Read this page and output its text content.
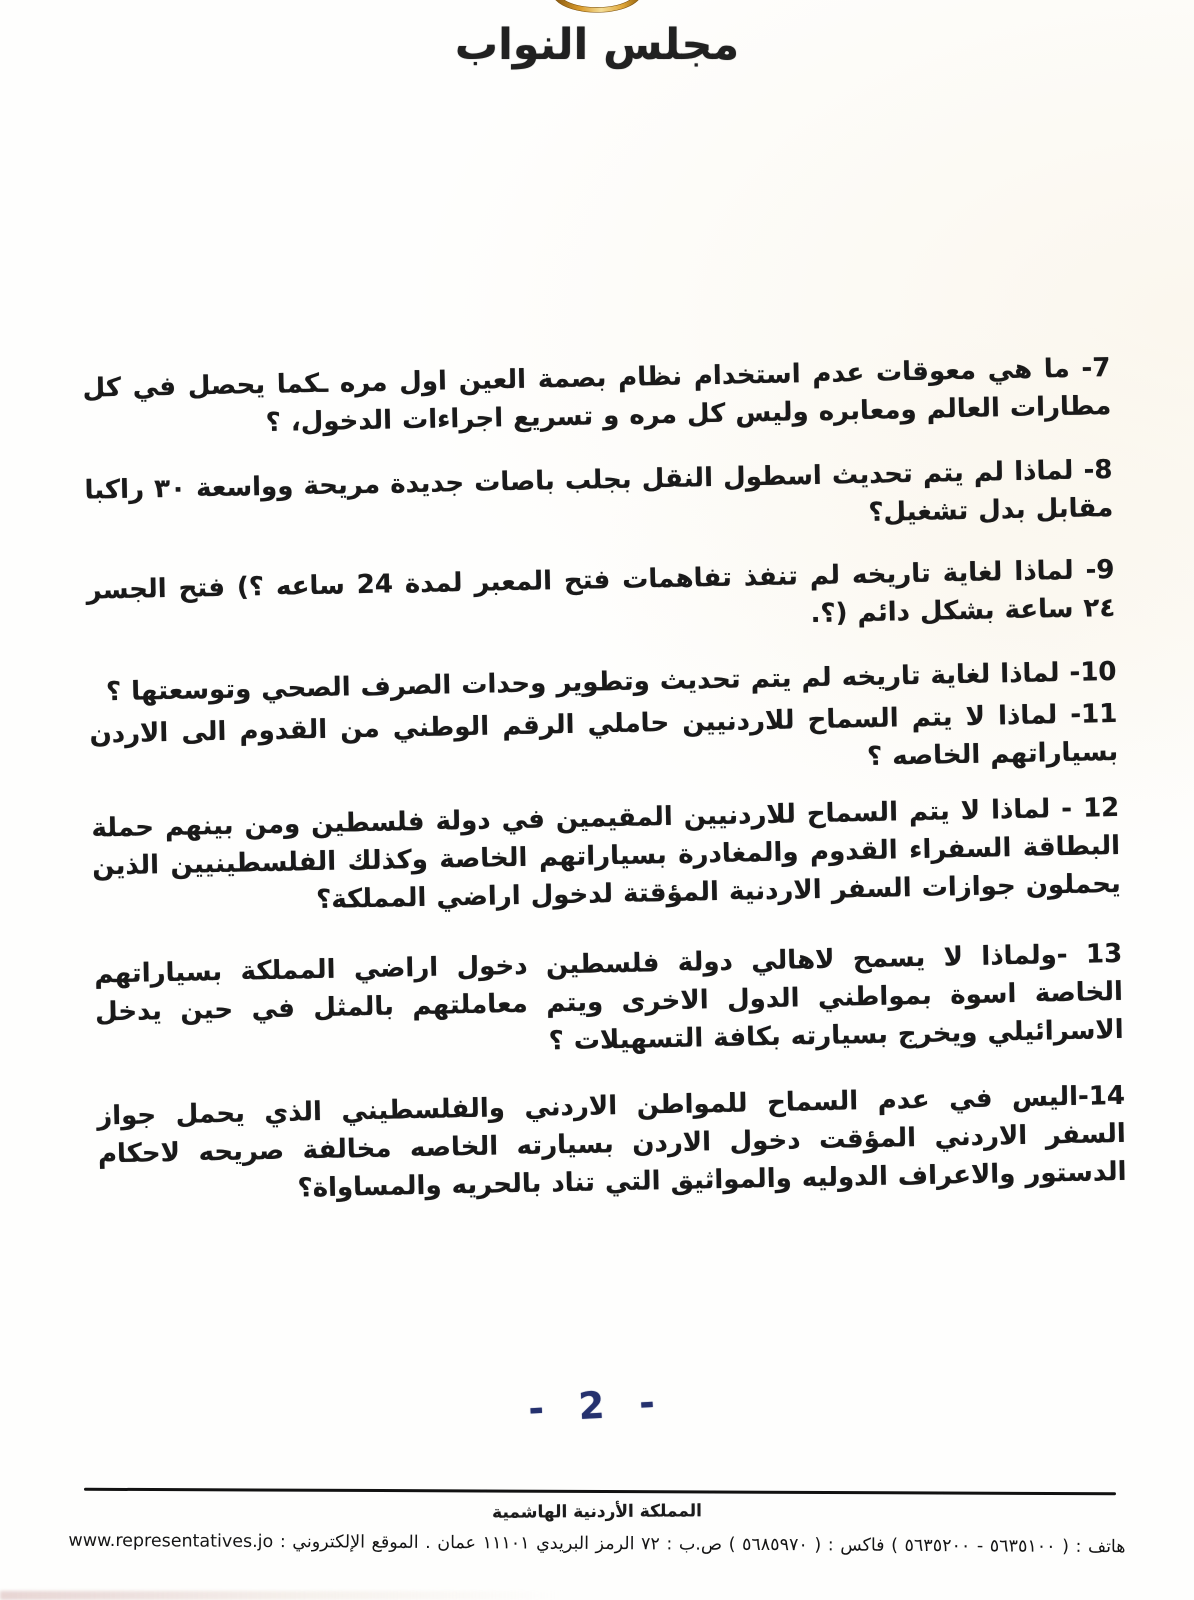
مجلس النواب

7- ما هي معوقات عدم استخدام نظام بصمة العين اول مره ـكما يحصل في كل مطارات العالم ومعابره وليس كل مره و تسريع اجراءات الدخول، ؟

8- لماذا لم يتم تحديث اسطول النقل بجلب باصات جديدة مريحة وواسعة ٣٠ راكبا مقابل بدل تشغيل؟

9- لماذا لغاية تاريخه لم تنفذ تفاهمات فتح المعبر لمدة 24 ساعه ؟) فتح الجسر ٢٤ ساعة بشكل دائم (؟.

10- لماذا لغاية تاريخه لم يتم تحديث وتطوير وحدات الصرف الصحي وتوسعتها ؟

11- لماذا لا يتم السماح للاردنيين حاملي الرقم الوطني من القدوم الى الاردن بسياراتهم الخاصه ؟

12 - لماذا لا يتم السماح للاردنيين المقيمين في دولة فلسطين ومن بينهم حملة البطاقة السفراء القدوم والمغادرة بسياراتهم الخاصة وكذلك الفلسطينيين الذين يحملون جوازات السفر الاردنية المؤقتة لدخول اراضي المملكة؟

13 -ولماذا لا يسمح لاهالي دولة فلسطين دخول اراضي المملكة بسياراتهم الخاصة اسوة بمواطني الدول الاخرى ويتم معاملتهم بالمثل في حين يدخل الاسرائيلي ويخرج بسيارته بكافة التسهيلات ؟

14-اليس في عدم السماح للمواطن الاردني والفلسطيني الذي يحمل جواز السفر الاردني المؤقت دخول الاردن بسيارته الخاصه مخالفة صريحه لاحكام الدستور والاعراف الدوليه والمواثيق التي تناد بالحريه والمساواة؟

- 2 -
المملكة الأردنية الهاشمية
هاتف : ( ٥٦٣٥١٠٠ - ٥٦٣٥٢٠٠ ) فاكس : ( ٥٦٨٥٩٧٠ ) ص.ب : ٧٢ الرمز البريدي ١١١٠١ عمان . الموقع الإلكتروني : www.representatives.jo
